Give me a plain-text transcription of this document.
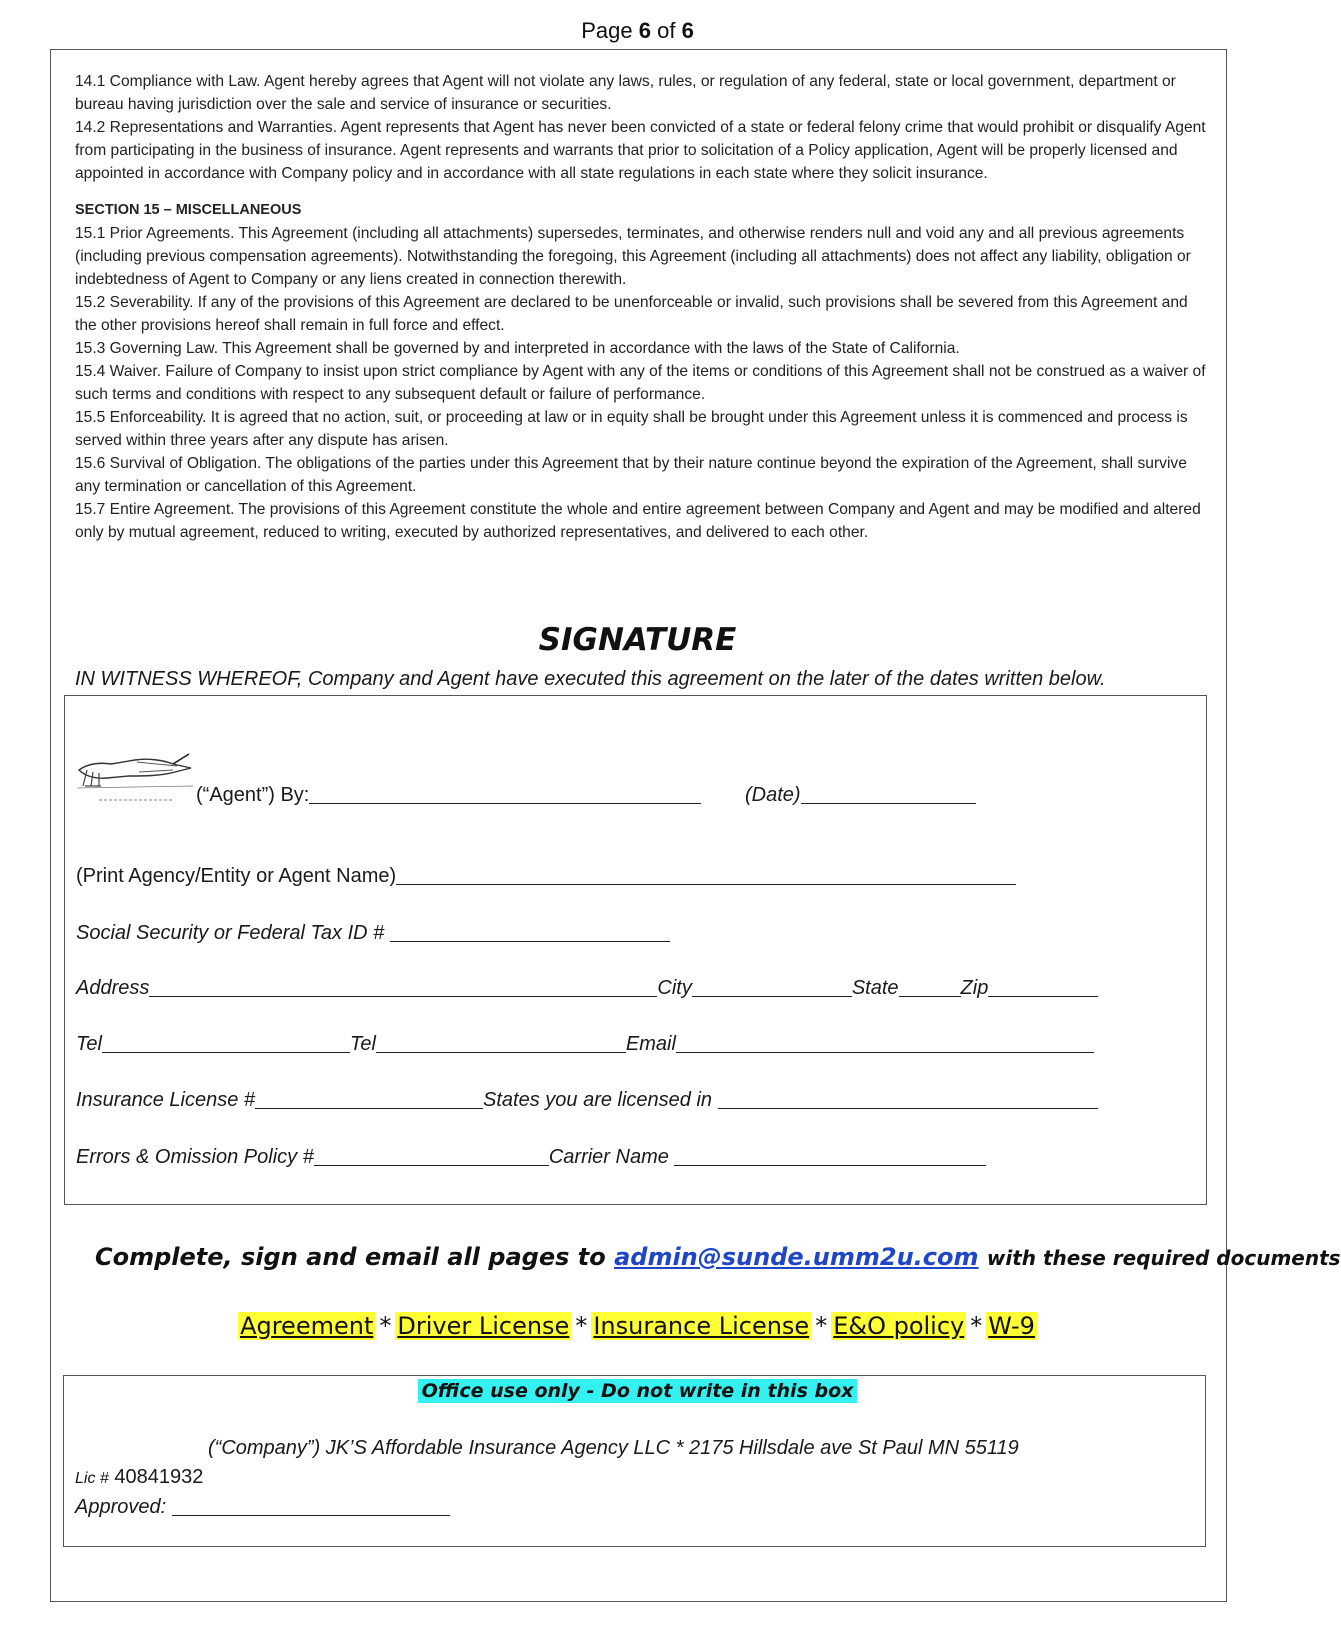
Page 6 of 6

14.1 Compliance with Law. Agent hereby agrees that Agent will not violate any laws, rules, or regulation of any federal, state or local government, department or bureau having jurisdiction over the sale and service of insurance or securities.

14.2 Representations and Warranties. Agent represents that Agent has never been convicted of a state or federal felony crime that would prohibit or disqualify Agent from participating in the business of insurance. Agent represents and warrants that prior to solicitation of a Policy application, Agent will be properly licensed and appointed in accordance with Company policy and in accordance with all state regulations in each state where they solicit insurance.

SECTION 15 – MISCELLANEOUS

15.1 Prior Agreements. This Agreement (including all attachments) supersedes, terminates, and otherwise renders null and void any and all previous agreements (including previous compensation agreements). Notwithstanding the foregoing, this Agreement (including all attachments) does not affect any liability, obligation or indebtedness of Agent to Company or any liens created in connection therewith.

15.2 Severability. If any of the provisions of this Agreement are declared to be unenforceable or invalid, such provisions shall be severed from this Agreement and the other provisions hereof shall remain in full force and effect.

15.3 Governing Law. This Agreement shall be governed by and interpreted in accordance with the laws of the State of California.

15.4 Waiver. Failure of Company to insist upon strict compliance by Agent with any of the items or conditions of this Agreement shall not be construed as a waiver of such terms and conditions with respect to any subsequent default or failure of performance.

15.5 Enforceability. It is agreed that no action, suit, or proceeding at law or in equity shall be brought under this Agreement unless it is commenced and process is served within three years after any dispute has arisen.

15.6 Survival of Obligation. The obligations of the parties under this Agreement that by their nature continue beyond the expiration of the Agreement, shall survive any termination or cancellation of this Agreement.

15.7 Entire Agreement. The provisions of this Agreement constitute the whole and entire agreement between Company and Agent and may be modified and altered only by mutual agreement, reduced to writing, executed by authorized representatives, and delivered to each other.

SIGNATURE
IN WITNESS WHEREOF, Company and Agent have executed this agreement on the later of the dates written below.
(“Agent”) By:	(Date)
(Print Agency/Entity or Agent Name)
Social Security or Federal Tax ID #
Address	City	State	Zip
Tel	Tel	Email
Insurance License #	States you are licensed in
Errors & Omission Policy #	Carrier Name
Complete, sign and email all pages to admin@sunde.umm2u.com with these required documents
Agreement * Driver License * Insurance License * E&O policy * W-9
Office use only - Do not write in this box
(“Company”) JK’S Affordable Insurance Agency LLC * 2175 Hillsdale ave St Paul MN 55119
Lic # 40841932
Approved:
